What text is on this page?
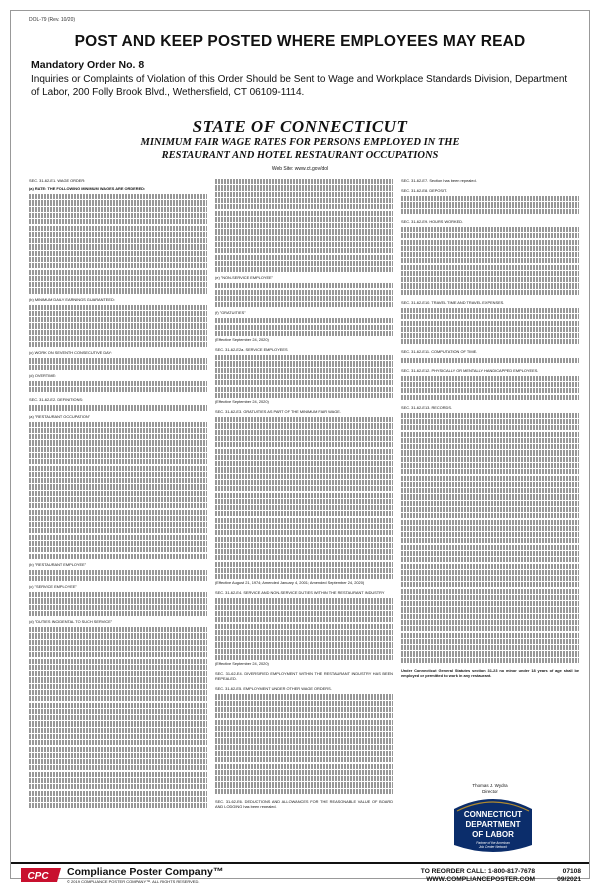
DOL-79 (Rev. 10/20)
POST AND KEEP POSTED WHERE EMPLOYEES MAY READ
Mandatory Order No. 8
Inquiries or Complaints of Violation of this Order Should be Sent to Wage and Workplace Standards Division, Department of Labor, 200 Folly Brook Blvd., Wethersfield, CT 06109-1114.
STATE OF CONNECTICUT
MINIMUM FAIR WAGE RATES FOR PERSONS EMPLOYED IN THE
RESTAURANT AND HOTEL RESTAURANT OCCUPATIONS
Web Site: www.ct.gov/dol

SEC. 31-62-E1. WAGE ORDER:

(a) RATE: THE FOLLOWING MINIMUM WAGES ARE ORDERED:

(b) MINIMUM DAILY EARNINGS GUARANTEED:

(c) WORK ON SEVENTH CONSECUTIVE DAY:

(d) OVERTIME:

SEC. 31-62-E2. DEFINITIONS:

(a) "RESTAURANT OCCUPATION"

(b) "RESTAURANT EMPLOYEE"

(c) "SERVICE EMPLOYEE"

(d) "DUTIES INCIDENTAL TO SUCH SERVICE"

(e) "NON-SERVICE EMPLOYEE"

(f) "GRATUITIES"

(Effective September 24, 2020)

SEC. 31-62-E2a. SERVICE EMPLOYEES

(Effective September 24, 2020)

SEC. 31-62-E3. GRATUITIES AS PART OF THE MINIMUM FAIR WAGE.

(Effective August 21, 1974; Amended January 4, 2001; Amended September 24, 2020)

SEC. 31-62-E4. SERVICE AND NON-SERVICE DUTIES WITHIN THE RESTAURANT INDUSTRY

(Effective September 24, 2020)

SEC. 31-62-E4. DIVERSIFIED EMPLOYMENT WITHIN THE RESTAURANT INDUSTRY HAS BEEN REPEALED.

SEC. 31-62-E5. EMPLOYMENT UNDER OTHER WAGE ORDERS.

SEC. 31-62-E6. DEDUCTIONS AND ALLOWANCES FOR THE REASONABLE VALUE OF BOARD AND LODGING has been repealed.

SEC. 31-62-E7. Section has been repealed.

SEC. 31-62-E8. DEPOSIT.

SEC. 31-62-E9. HOURS WORKED.

SEC. 31-62-E10. TRAVEL TIME AND TRAVEL EXPENSES.

SEC. 31-62-E11. COMPUTATION OF TIME.

SEC. 31-62-E12. PHYSICALLY OR MENTALLY HANDICAPPED EMPLOYEES.

SEC. 31-62-E13. RECORDS.

Under Connecticut General Statutes section 31-23 no minor under 18 years of age shall be employed or permitted to work in any restaurant.

Thomas J. Wydra
Director
CONNECTICUT
DEPARTMENT
OF LABOR
Partner of the American
Job Center Network
CPC Compliance Poster Company™
© 2019 COMPLIANCE POSTER COMPANY™. ALL RIGHTS RESERVED.
TO REORDER CALL: 1-800-817-7678
WWW.COMPLIANCEPOSTER.COM
07108
09/2021
